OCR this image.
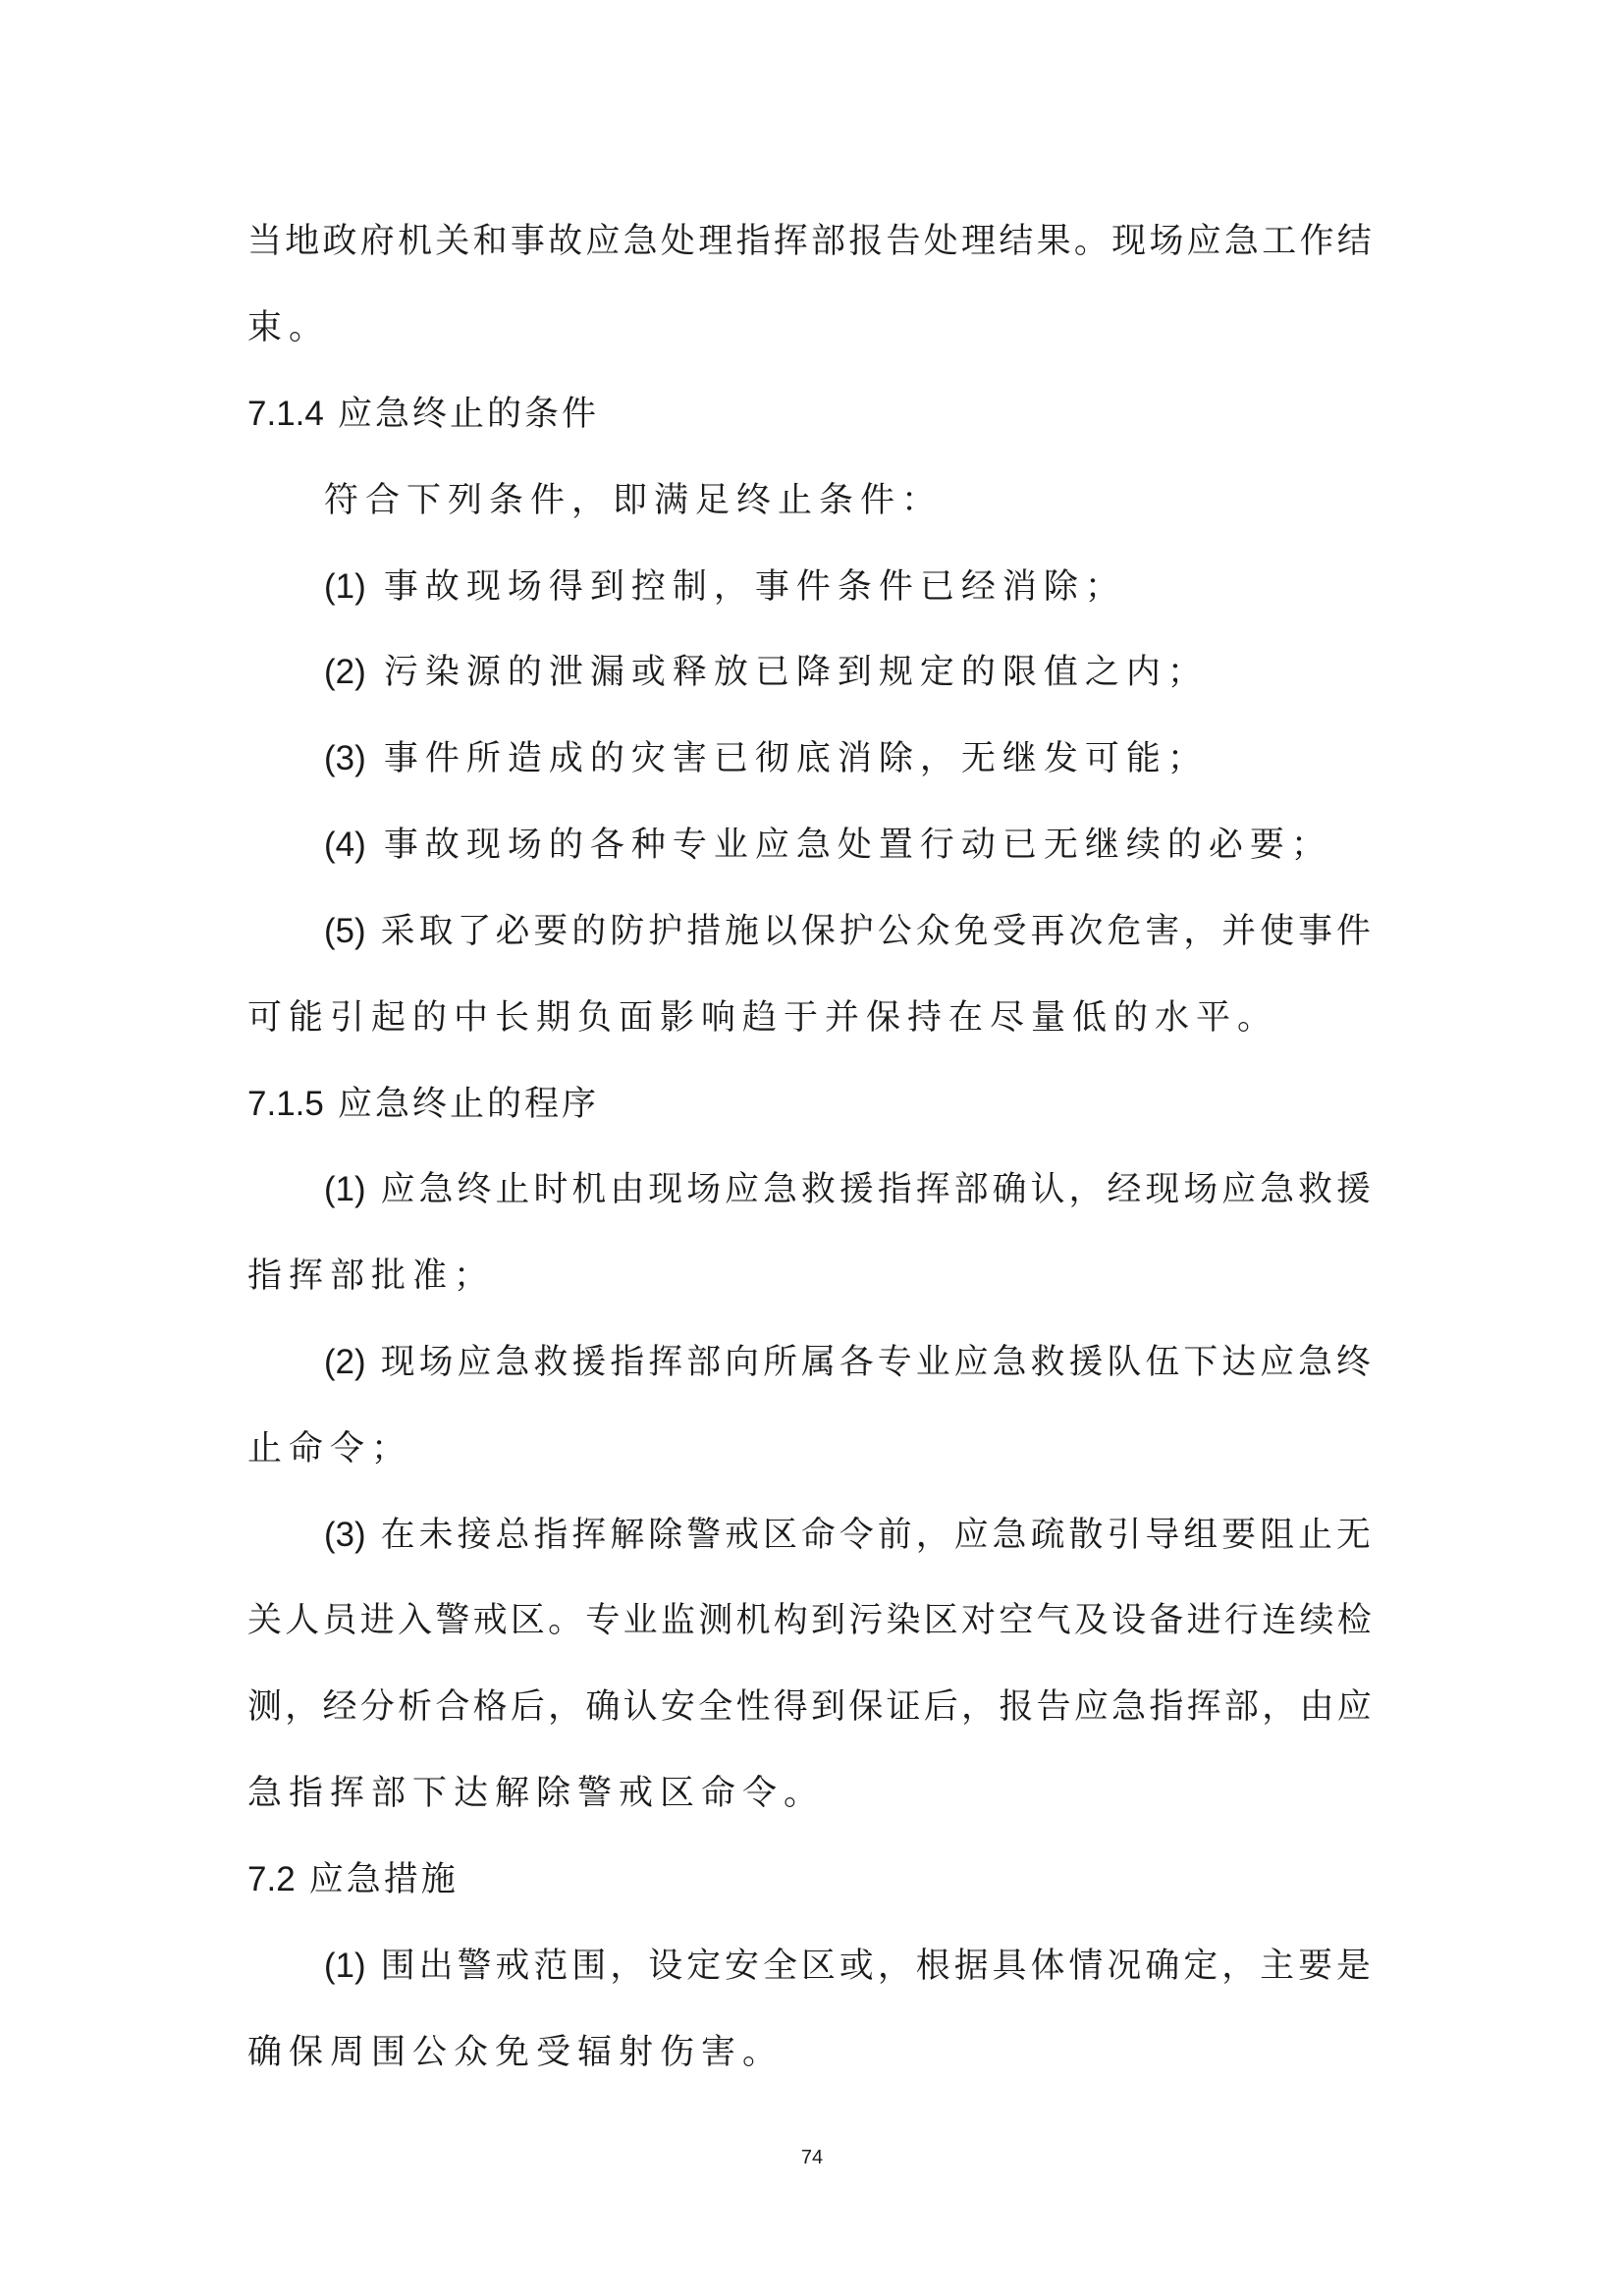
当地政府机关和事故应急处理指挥部报告处理结果。现场应急工作结
束。
7.1.4 应急终止的条件
符合下列条件，即满足终止条件：
(1) 事故现场得到控制，事件条件已经消除；
(2) 污染源的泄漏或释放已降到规定的限值之内；
(3) 事件所造成的灾害已彻底消除，无继发可能；
(4) 事故现场的各种专业应急处置行动已无继续的必要；
(5) 采取了必要的防护措施以保护公众免受再次危害，并使事件
可能引起的中长期负面影响趋于并保持在尽量低的水平。
7.1.5 应急终止的程序
(1) 应急终止时机由现场应急救援指挥部确认，经现场应急救援
指挥部批准；
(2) 现场应急救援指挥部向所属各专业应急救援队伍下达应急终
止命令；
(3) 在未接总指挥解除警戒区命令前，应急疏散引导组要阻止无
关人员进入警戒区。专业监测机构到污染区对空气及设备进行连续检
测，经分析合格后，确认安全性得到保证后，报告应急指挥部，由应
急指挥部下达解除警戒区命令。
7.2 应急措施
(1) 围出警戒范围，设定安全区或，根据具体情况确定，主要是
确保周围公众免受辐射伤害。
74
